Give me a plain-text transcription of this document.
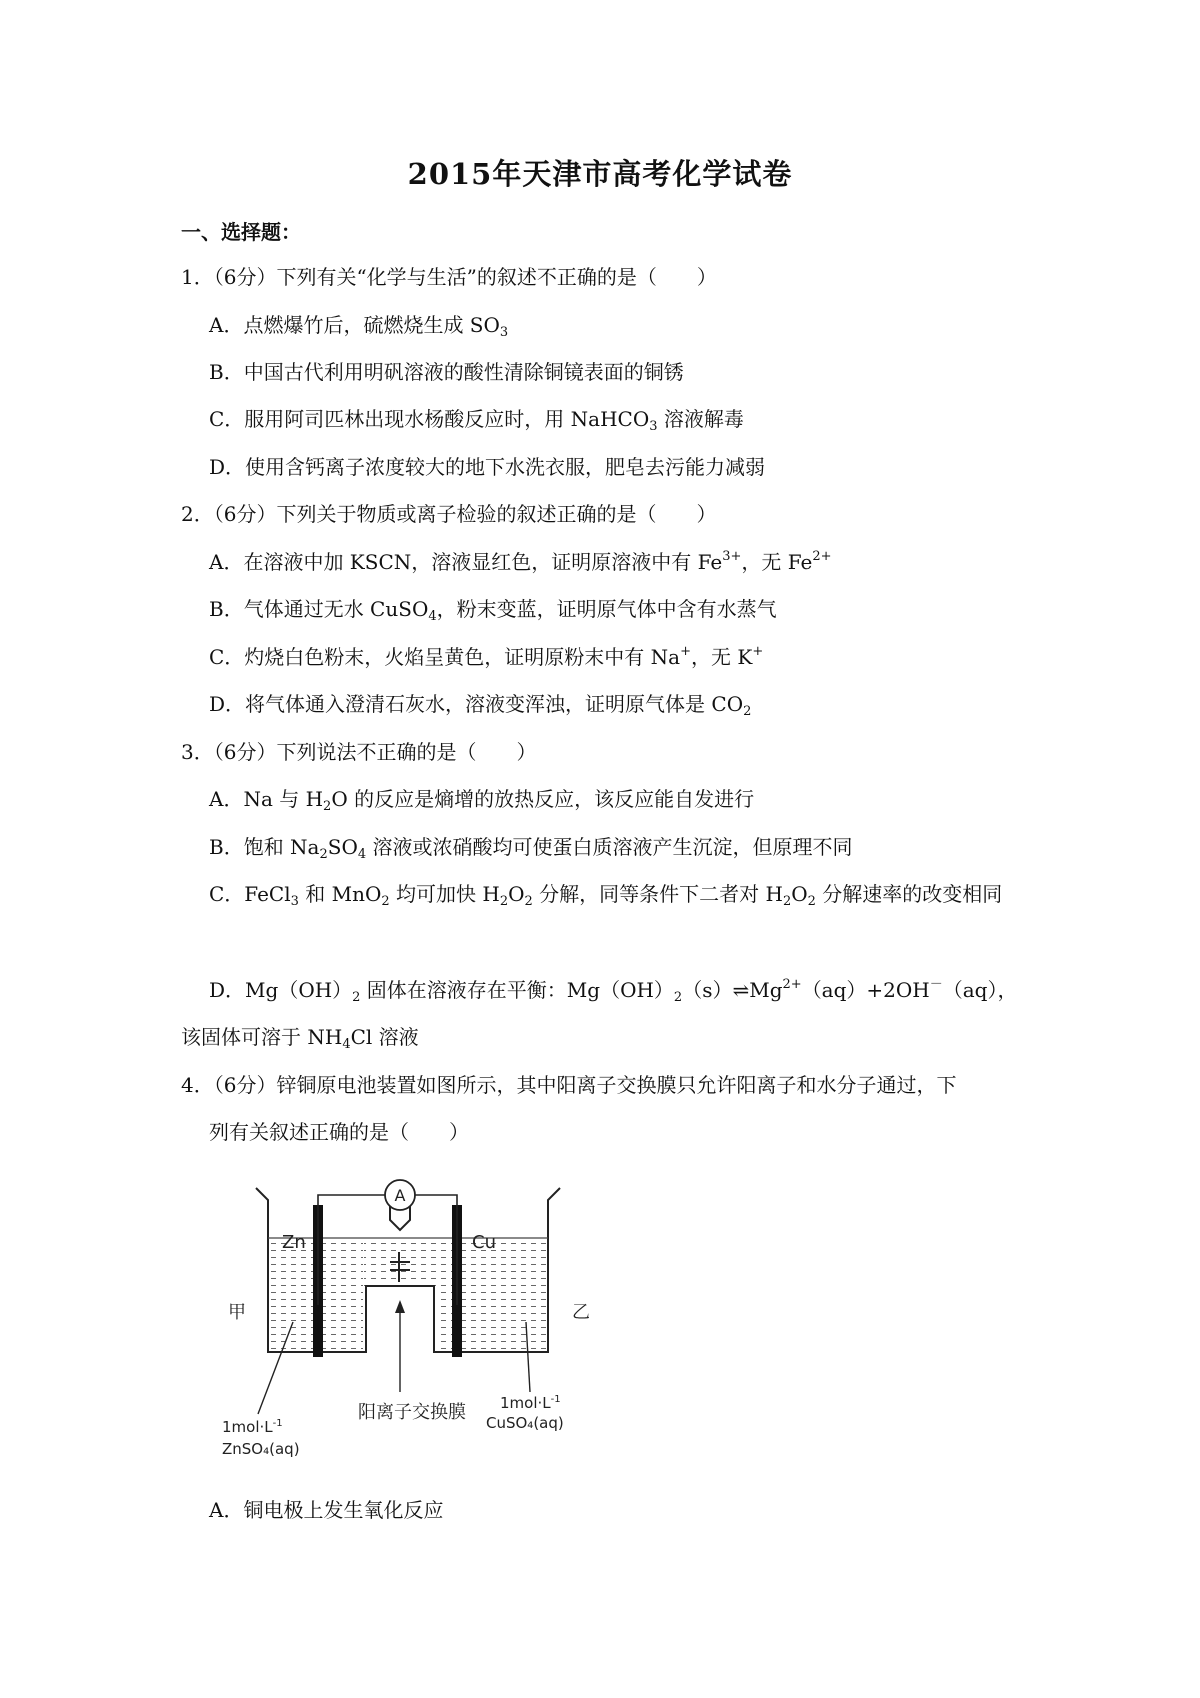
2015年天津市高考化学试卷
一、选择题：
1．（6分）下列有关“化学与生活”的叙述不正确的是（　　）
A．点燃爆竹后，硫燃烧生成 $SO_3$
B．中国古代利用明矾溶液的酸性清除铜镜表面的铜锈
C．服用阿司匹林出现水杨酸反应时，用 NaHCO$_3$ 溶液解毒
D．使用含钙离子浓度较大的地下水洗衣服，肥皂去污能力减弱
2．（6分）下列关于物质或离子检验的叙述正确的是（　　）
A．在溶液中加 KSCN，溶液显红色，证明原溶液中有 $Fe^{3+}$，无 $Fe^{2+}$
B．气体通过无水 CuSO$_4$，粉末变蓝，证明原气体中含有水蒸气
C．灼烧白色粉末，火焰呈黄色，证明原粉末中有 Na+，无 K+
D．将气体通入澄清石灰水，溶液变浑浊，证明原气体是 $CO_2$
3．（6分）下列说法不正确的是（　　）
A．Na 与 $H_2O$ 的反应是熵增的放热反应，该反应能自发进行
B．饱和 $Na_2SO_4$ 溶液或浓硝酸均可使蛋白质溶液产生沉淀，但原理不同
C．FeCl$_3$ 和 MnO$_2$ 均可加快 $H_2O_2$ 分解，同等条件下二者对 $H_2O_2$ 分解速率的改变相同
D．$Mg(OH)_2$ 固体在溶液存在平衡：$Mg(OH)_2(s)\rightleftharpoons Mg^{2+}(aq)+2OH^-(aq)$，
该固体可溶于 $NH_4Cl$ 溶液
4．（6分）锌铜原电池装置如图所示，其中阳离子交换膜只允许阳离子和水分子通过，下
列有关叙述正确的是（　　）
A
Zn	Cu
甲	乙
阳离子交换膜
$1mol\cdot L^{-1}$
ZnSO₄(aq)
$1mol\cdot L^{-1}$
CuSO₄(aq)
A．铜电极上发生氧化反应
